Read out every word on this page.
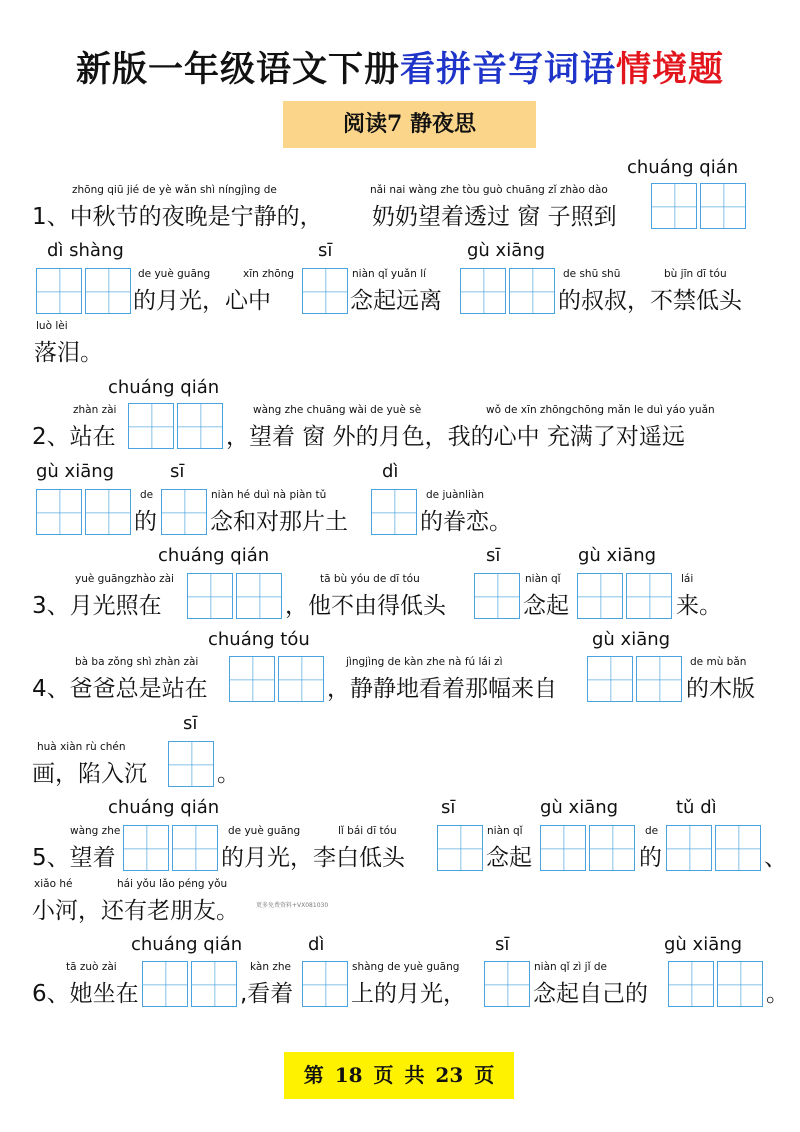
新版一年级语文下册看拼音写词语情境题
阅读7 静夜思
chuáng qián
zhōng qiū jié de yè wǎn shì níngjìng de	nǎi nai wàng zhe tòu guò chuāng zǐ zhào dào
1、中秋节的夜晚是宁静的， 奶奶望着透过 窗 子照到
dì shàng	sī	gù xiāng
de yuè guāng	xīn zhōng
的月光，心中
niàn qǐ yuǎn lí
念起远离
de shū shū	bù jīn dī tóu
的叔叔，不禁低头
luò lèi
落泪。
chuáng qián
zhàn zài
2、站在
wàng zhe chuāng wài de yuè sè	wǒ de xīn zhōngchōng mǎn le duì yáo yuǎn
，望着 窗 外的月色，我的心中 充满了对遥远
gù xiāng	sī	dì
de
的
niàn hé duì nà piàn tǔ
念和对那片土
de juànliàn
的眷恋。
chuáng qián	sī	gù xiāng
yuè guāngzhào zài
3、月光照在
tā bù yóu de dī tóu
，他不由得低头
niàn qǐ
念起
lái
来。
chuáng tóu	gù xiāng
bà ba zǒng shì zhàn zài
4、爸爸总是站在
jìngjìng de kàn zhe nà fú lái zì
，静静地看着那幅来自
de mù bǎn
的木版
sī
huà xiàn rù chén
画，陷入沉	。
chuáng qián	sī	gù xiāng	tǔ dì
wàng zhe
5、望着
de yuè guāng	lǐ bái dī tóu
的月光，李白低头
niàn qǐ
念起
de
的	、
xiǎo hé	hái yǒu lǎo péng yǒu
小河，还有老朋友。	更多免费资料+VX081030
chuáng qián	dì	sī	gù xiāng
tā zuò zài
6、她坐在
kàn zhe
,看着
shàng de yuè guāng
上的月光，
niàn qǐ zì jǐ de
念起自己的	。
第 18 页 共 23 页
